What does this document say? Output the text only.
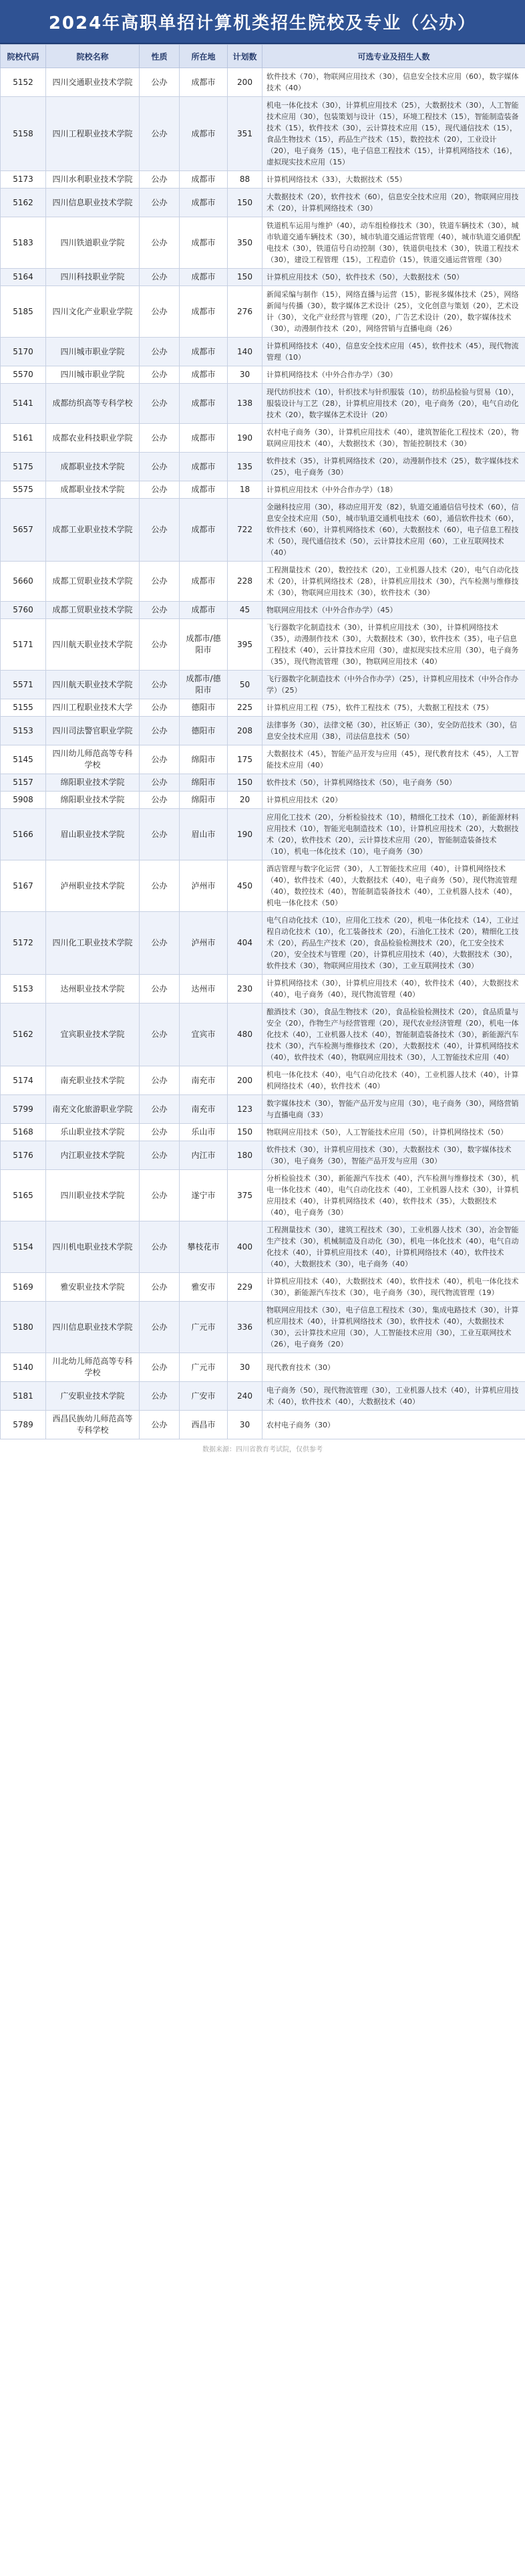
2024年高职单招计算机类招生院校及专业（公办）
院校代码	院校名称	性质	所在地	计划数	可选专业及招生人数
5152	四川交通职业技术学院	公办	成都市	200	软件技术（70），物联网应用技术（30），信息安全技术应用（60），数字媒体技术（40）
5158	四川工程职业技术学院	公办	成都市	351	机电一体化技术（30），计算机应用技术（25），大数据技术（30），人工智能技术应用（30），包装策划与设计（15），环境工程技术（15），智能制造装备技术（15），软件技术（30），云计算技术应用（15），现代通信技术（15），食品生物技术（15），药品生产技术（15），数控技术（20），工业设计（20），电子商务（15），电子信息工程技术（15），计算机网络技术（16），虚拟现实技术应用（15）
5173	四川水利职业技术学院	公办	成都市	88	计算机网络技术（33），大数据技术（55）
5162	四川信息职业技术学院	公办	成都市	150	大数据技术（20），软件技术（60），信息安全技术应用（20），物联网应用技术（20），计算机网络技术（30）
5183	四川铁道职业学院	公办	成都市	350	铁道机车运用与维护（40），动车组检修技术（30），铁道车辆技术（30），城市轨道交通车辆技术（30），城市轨道交通运营管理（40），城市轨道交通供配电技术（30），铁道信号自动控制（30），铁道供电技术（30），铁道工程技术（30），建设工程管理（15），工程造价（15），铁道交通运营管理（30）
5164	四川科技职业学院	公办	成都市	150	计算机应用技术（50），软件技术（50），大数据技术（50）
5185	四川文化产业职业学院	公办	成都市	276	新闻采编与制作（15），网络直播与运营（15），影视多媒体技术（25），网络新闻与传播（30），数字媒体艺术设计（25），文化创意与策划（20），艺术设计（30），文化产业经营与管理（20），广告艺术设计（20），数字媒体技术（30），动漫制作技术（20），网络营销与直播电商（26）
5170	四川城市职业学院	公办	成都市	140	计算机网络技术（40），信息安全技术应用（45），软件技术（45），现代物流管理（10）
5570	四川城市职业学院	公办	成都市	30	计算机网络技术（中外合作办学）（30）
5141	成都纺织高等专科学校	公办	成都市	138	现代纺织技术（10），针织技术与针织服装（10），纺织品检验与贸易（10），服装设计与工艺（28），计算机应用技术（20），电子商务（20），电气自动化技术（20），数字媒体艺术设计（20）
5161	成都农业科技职业学院	公办	成都市	190	农村电子商务（30），计算机应用技术（40），建筑智能化工程技术（20），物联网应用技术（40），大数据技术（30），智能控制技术（30）
5175	成都职业技术学院	公办	成都市	135	软件技术（35），计算机网络技术（20），动漫制作技术（25），数字媒体技术（25），电子商务（30）
5575	成都职业技术学院	公办	成都市	18	计算机应用技术（中外合作办学）（18）
5657	成都工业职业技术学院	公办	成都市	722	金融科技应用（30），移动应用开发（82），轨道交通通信信号技术（60），信息安全技术应用（50），城市轨道交通机电技术（60），通信软件技术（60），软件技术（60），计算机网络技术（60），大数据技术（60），电子信息工程技术（50），现代通信技术（50），云计算技术应用（60），工业互联网技术（40）
5660	成都工贸职业技术学院	公办	成都市	228	工程测量技术（20），数控技术（20），工业机器人技术（20），电气自动化技术（20），计算机网络技术（28），计算机应用技术（30），汽车检测与维修技术（30），物联网应用技术（30），软件技术（30）
5760	成都工贸职业技术学院	公办	成都市	45	物联网应用技术（中外合作办学）（45）
5171	四川航天职业技术学院	公办	成都市/德阳市	395	飞行器数字化制造技术（30），计算机应用技术（30），计算机网络技术（35），动漫制作技术（30），大数据技术（30），软件技术（35），电子信息工程技术（40），云计算技术应用（30），虚拟现实技术应用（30），电子商务（35），现代物流管理（30），物联网应用技术（40）
5571	四川航天职业技术学院	公办	成都市/德阳市	50	飞行器数字化制造技术（中外合作办学）（25），计算机应用技术（中外合作办学）（25）
5155	四川工程职业技术大学	公办	德阳市	225	计算机应用工程（75），软件工程技术（75），大数据工程技术（75）
5153	四川司法警官职业学院	公办	德阳市	208	法律事务（30），法律文秘（30），社区矫正（30），安全防范技术（30），信息安全技术应用（38），司法信息技术（50）
5145	四川幼儿师范高等专科学校	公办	绵阳市	175	大数据技术（45），智能产品开发与应用（45），现代教育技术（45），人工智能技术应用（40）
5157	绵阳职业技术学院	公办	绵阳市	150	软件技术（50），计算机网络技术（50），电子商务（50）
5908	绵阳职业技术学院	公办	绵阳市	20	计算机应用技术（20）
5166	眉山职业技术学院	公办	眉山市	190	应用化工技术（20），分析检验技术（10），精细化工技术（10），新能源材料应用技术（10），智能光电制造技术（10），计算机应用技术（20），大数据技术（20），软件技术（20），云计算技术应用（20），智能制造装备技术（10），机电一体化技术（10），电子商务（30）
5167	泸州职业技术学院	公办	泸州市	450	酒店管理与数字化运营（30），人工智能技术应用（40），计算机网络技术（40），软件技术（40），大数据技术（40），电子商务（50），现代物流管理（40），数控技术（40），智能制造装备技术（40），工业机器人技术（40），机电一体化技术（50）
5172	四川化工职业技术学院	公办	泸州市	404	电气自动化技术（10），应用化工技术（20），机电一体化技术（14），工业过程自动化技术（10），化工装备技术（20），石油化工技术（20），精细化工技术（20），药品生产技术（20），食品检验检测技术（20），化工安全技术（20），安全技术与管理（20），计算机应用技术（40），大数据技术（30），软件技术（30），物联网应用技术（30），工业互联网技术（30）
5153	达州职业技术学院	公办	达州市	230	计算机网络技术（30），计算机应用技术（40），软件技术（40），大数据技术（40），电子商务（40），现代物流管理（40）
5162	宜宾职业技术学院	公办	宜宾市	480	酿酒技术（30），食品生物技术（20），食品检验检测技术（20），食品质量与安全（20），作物生产与经营管理（20），现代农业经济管理（20），机电一体化技术（40），工业机器人技术（40），智能制造装备技术（30），新能源汽车技术（30），汽车检测与维修技术（20），大数据技术（40），计算机网络技术（40），软件技术（40），物联网应用技术（30），人工智能技术应用（40）
5174	南充职业技术学院	公办	南充市	200	机电一体化技术（40），电气自动化技术（40），工业机器人技术（40），计算机网络技术（40），软件技术（40）
5799	南充文化旅游职业学院	公办	南充市	123	数字媒体技术（30），智能产品开发与应用（30），电子商务（30），网络营销与直播电商（33）
5168	乐山职业技术学院	公办	乐山市	150	物联网应用技术（50），人工智能技术应用（50），计算机网络技术（50）
5176	内江职业技术学院	公办	内江市	180	软件技术（30），计算机应用技术（30），大数据技术（30），数字媒体技术（30），电子商务（30），智能产品开发与应用（30）
5165	四川职业技术学院	公办	遂宁市	375	分析检验技术（30），新能源汽车技术（40），汽车检测与维修技术（30），机电一体化技术（40），电气自动化技术（40），工业机器人技术（30），计算机应用技术（40），计算机网络技术（40），软件技术（35），大数据技术（40），电子商务（30）
5154	四川机电职业技术学院	公办	攀枝花市	400	工程测量技术（30），建筑工程技术（30），工业机器人技术（30），冶金智能生产技术（30），机械制造及自动化（30），机电一体化技术（40），电气自动化技术（40），计算机应用技术（40），计算机网络技术（40），软件技术（40），大数据技术（30），电子商务（40）
5169	雅安职业技术学院	公办	雅安市	229	计算机应用技术（40），大数据技术（40），软件技术（40），机电一体化技术（30），新能源汽车技术（30），电子商务（30），现代物流管理（19）
5180	四川信息职业技术学院	公办	广元市	336	物联网应用技术（30），电子信息工程技术（30），集成电路技术（30），计算机应用技术（40），计算机网络技术（30），软件技术（40），大数据技术（30），云计算技术应用（30），人工智能技术应用（30），工业互联网技术（26），电子商务（20）
5140	川北幼儿师范高等专科学校	公办	广元市	30	现代教育技术（30）
5181	广安职业技术学院	公办	广安市	240	电子商务（50），现代物流管理（30），工业机器人技术（40），计算机应用技术（40），软件技术（40），大数据技术（40）
5789	西昌民族幼儿师范高等专科学校	公办	西昌市	30	农村电子商务（30）
数据来源：四川省教育考试院，仅供参考
